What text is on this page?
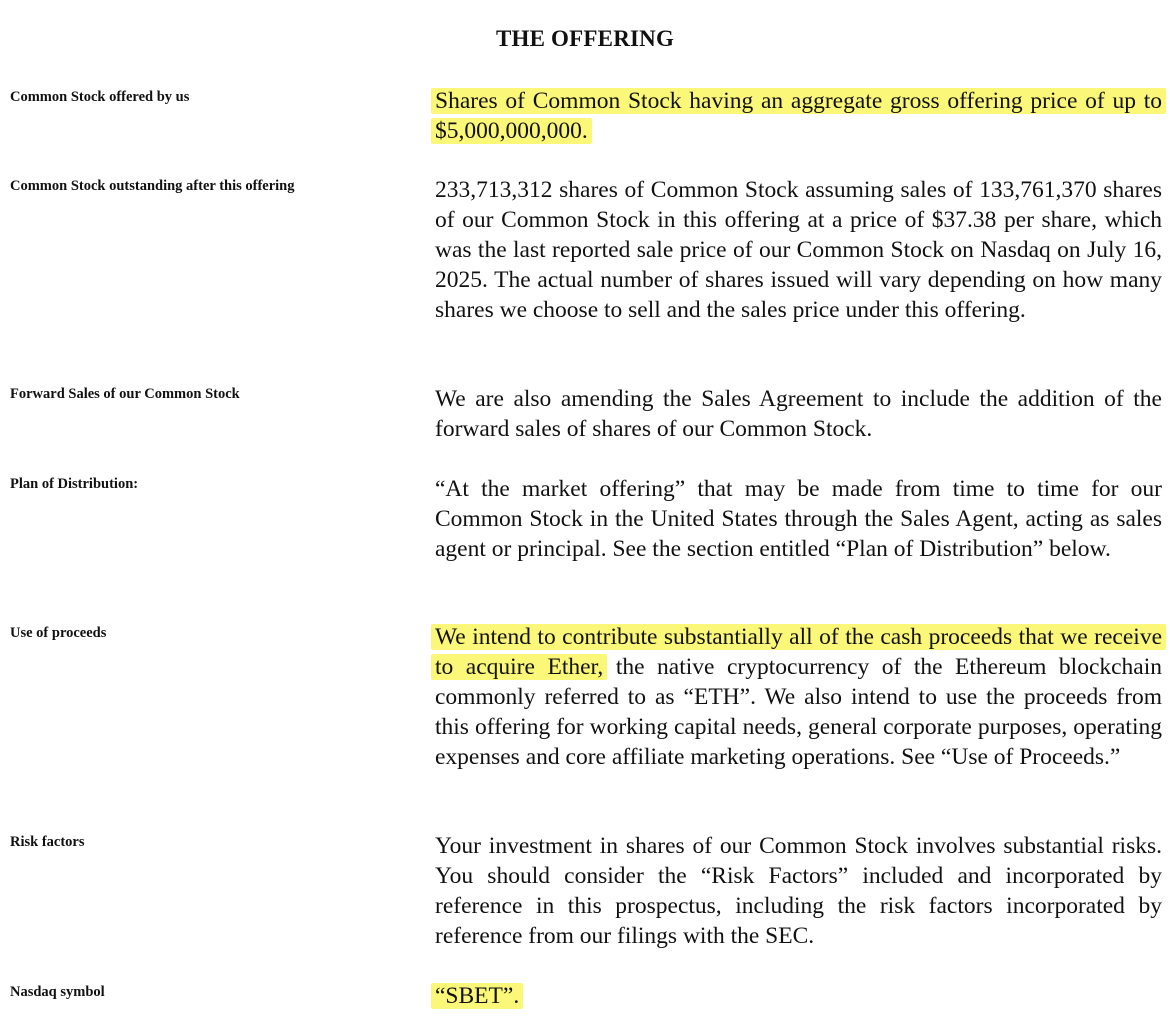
THE OFFERING
Common Stock offered by us	Shares of Common Stock having an aggregate gross offering price of up to $5,000,000,000.
Common Stock outstanding after this offering	233,713,312 shares of Common Stock assuming sales of 133,761,370 shares of our Common Stock in this offering at a price of $37.38 per share, which was the last reported sale price of our Common Stock on Nasdaq on July 16, 2025. The actual number of shares issued will vary depending on how many shares we choose to sell and the sales price under this offering.
Forward Sales of our Common Stock	We are also amending the Sales Agreement to include the addition of the forward sales of shares of our Common Stock.
Plan of Distribution:	“At the market offering” that may be made from time to time for our Common Stock in the United States through the Sales Agent, acting as sales agent or principal. See the section entitled “Plan of Distribution” below.
Use of proceeds	We intend to contribute substantially all of the cash proceeds that we receive to acquire Ether, the native cryptocurrency of the Ethereum blockchain commonly referred to as “ETH”. We also intend to use the proceeds from this offering for working capital needs, general corporate purposes, operating expenses and core affiliate marketing operations. See “Use of Proceeds.”
Risk factors	Your investment in shares of our Common Stock involves substantial risks. You should consider the “Risk Factors” included and incorporated by reference in this prospectus, including the risk factors incorporated by reference from our filings with the SEC.
Nasdaq symbol	“SBET”.
